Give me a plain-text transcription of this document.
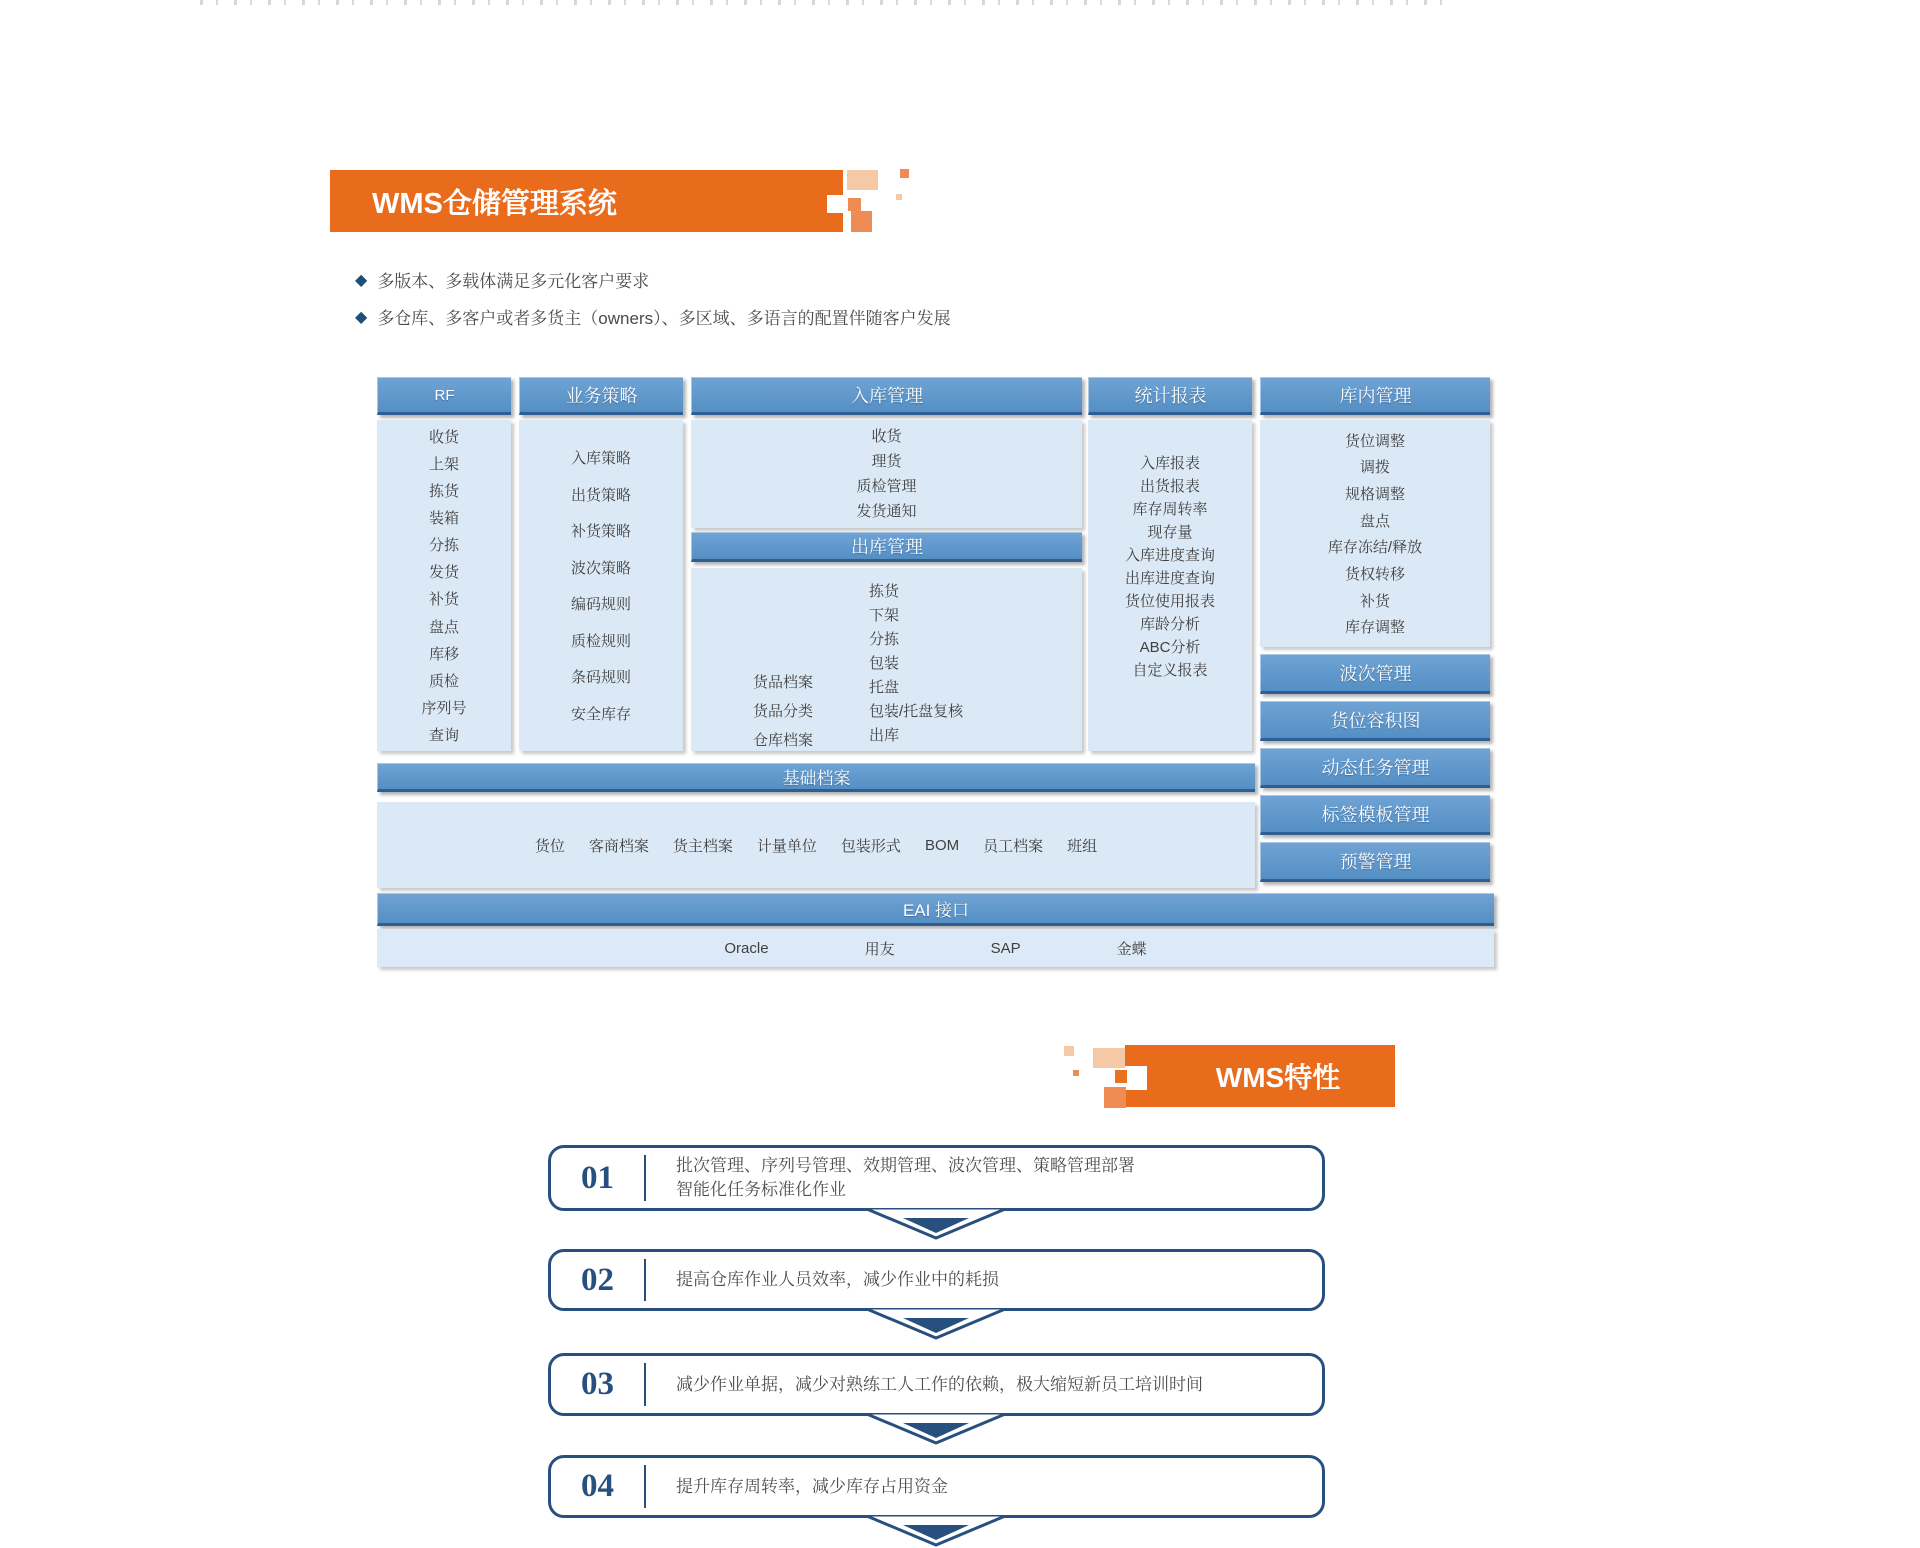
WMS仓储管理系统
◆ 多版本、多载体满足多元化客户要求
◆ 多仓库、多客户或者多货主（owners）、多区域、多语言的配置伴随客户发展
RF
收货
上架
拣货
装箱
分拣
发货
补货
盘点
库移
质检
序列号
查询
业务策略
入库策略
出货策略
补货策略
波次策略
编码规则
质检规则
条码规则
安全库存
入库管理
收货
理货
质检管理
发货通知
出库管理
货品档案
货品分类
仓库档案
拣货
下架
分拣
包装
托盘
包装/托盘复核
出库
统计报表
入库报表
出货报表
库存周转率
现存量
入库进度查询
出库进度查询
货位使用报表
库龄分析
ABC分析
自定义报表
库内管理
货位调整
调拨
规格调整
盘点
库存冻结/释放
货权转移
补货
库存调整
波次管理
货位容积图
动态任务管理
标签模板管理
预警管理
基础档案
货位 客商档案 货主档案 计量单位 包装形式 BOM 员工档案 班组
EAI 接口
Oracle	用友	SAP	金蝶
WMS特性
01	批次管理、序列号管理、效期管理、波次管理、策略管理部署
智能化任务标准化作业
02	提高仓库作业人员效率，减少作业中的耗损
03	减少作业单据，减少对熟练工人工作的依赖，极大缩短新员工培训时间
04	提升库存周转率，减少库存占用资金
